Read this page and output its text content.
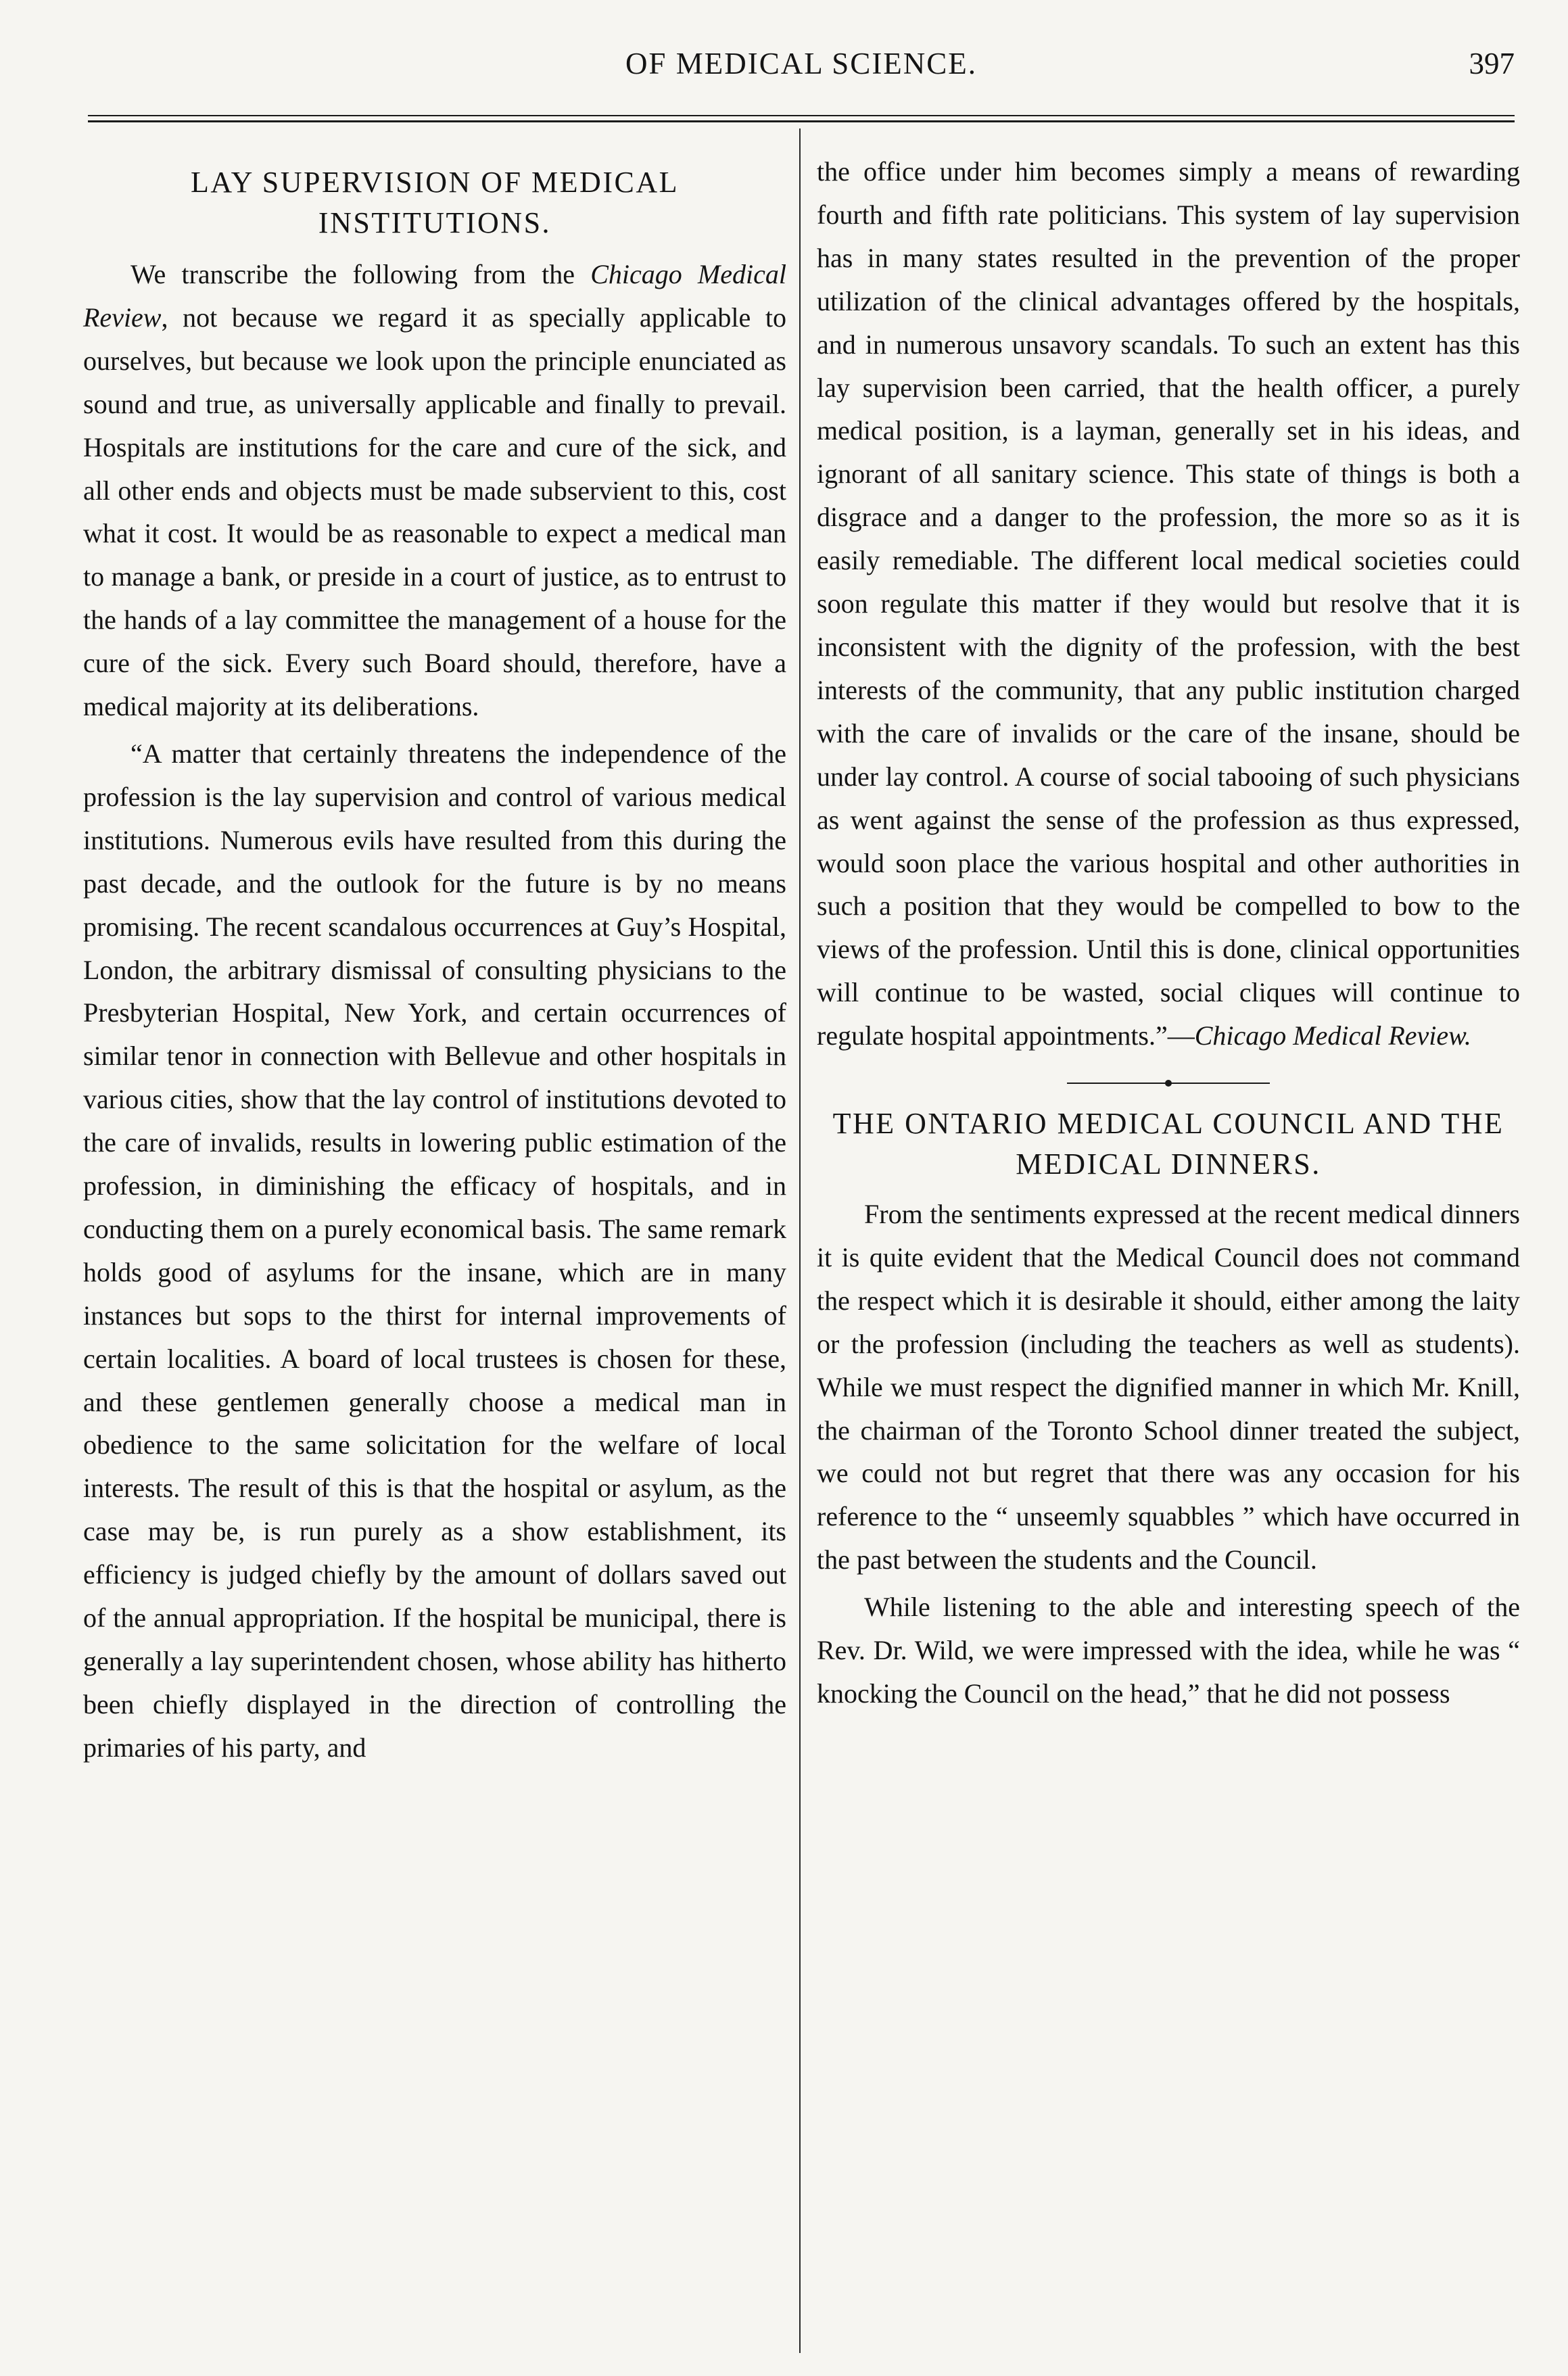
OF MEDICAL SCIENCE.	397
LAY SUPERVISION OF MEDICAL INSTITUTIONS.

We transcribe the following from the Chicago Medical Review, not because we regard it as specially applicable to ourselves, but because we look upon the principle enunciated as sound and true, as universally applicable and finally to prevail. Hospitals are institutions for the care and cure of the sick, and all other ends and objects must be made subservient to this, cost what it cost. It would be as reasonable to expect a medical man to manage a bank, or preside in a court of justice, as to entrust to the hands of a lay committee the management of a house for the cure of the sick. Every such Board should, therefore, have a medical majority at its deliberations.

“A matter that certainly threatens the independence of the profession is the lay supervision and control of various medical institutions. Numerous evils have resulted from this during the past decade, and the outlook for the future is by no means promising. The recent scandalous occurrences at Guy’s Hospital, London, the arbitrary dismissal of consulting physicians to the Presbyterian Hospital, New York, and certain occurrences of similar tenor in connection with Bellevue and other hospitals in various cities, show that the lay control of institutions devoted to the care of invalids, results in lowering public estimation of the profession, in diminishing the efficacy of hospitals, and in conducting them on a purely economical basis. The same remark holds good of asylums for the insane, which are in many instances but sops to the thirst for internal improvements of certain localities. A board of local trustees is chosen for these, and these gentlemen generally choose a medical man in obedience to the same solicitation for the welfare of local interests. The result of this is that the hospital or asylum, as the case may be, is run purely as a show establishment, its efficiency is judged chiefly by the amount of dollars saved out of the annual appropriation. If the hospital be municipal, there is generally a lay superintendent chosen, whose ability has hitherto been chiefly displayed in the direction of controlling the primaries of his party, and

the office under him becomes simply a means of rewarding fourth and fifth rate politicians. This system of lay supervision has in many states resulted in the prevention of the proper utilization of the clinical advantages offered by the hospitals, and in numerous unsavory scandals. To such an extent has this lay supervision been carried, that the health officer, a purely medical position, is a layman, generally set in his ideas, and ignorant of all sanitary science. This state of things is both a disgrace and a danger to the profession, the more so as it is easily remediable. The different local medical societies could soon regulate this matter if they would but resolve that it is inconsistent with the dignity of the profession, with the best interests of the community, that any public institution charged with the care of invalids or the care of the insane, should be under lay control. A course of social tabooing of such physicians as went against the sense of the profession as thus expressed, would soon place the various hospital and other authorities in such a position that they would be compelled to bow to the views of the profession. Until this is done, clinical opportunities will continue to be wasted, social cliques will continue to regulate hospital appointments.”—Chicago Medical Review.

THE ONTARIO MEDICAL COUNCIL AND THE MEDICAL DINNERS.

From the sentiments expressed at the recent medical dinners it is quite evident that the Medical Council does not command the respect which it is desirable it should, either among the laity or the profession (including the teachers as well as students). While we must respect the dignified manner in which Mr. Knill, the chairman of the Toronto School dinner treated the subject, we could not but regret that there was any occasion for his reference to the “ unseemly squabbles ” which have occurred in the past between the students and the Council.

While listening to the able and interesting speech of the Rev. Dr. Wild, we were impressed with the idea, while he was “ knocking the Council on the head,” that he did not possess
